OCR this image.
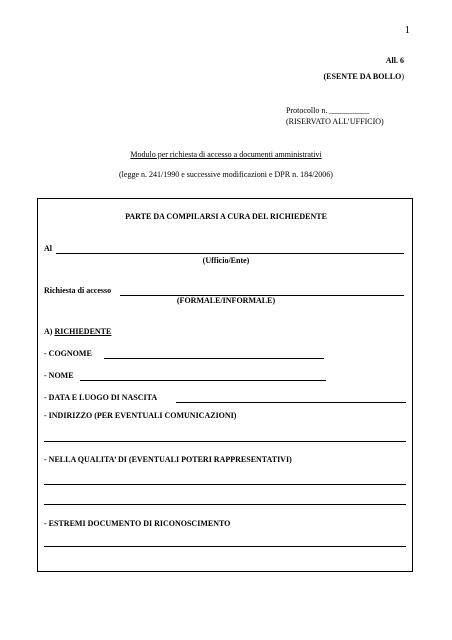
1
All. 6
(ESENTE DA BOLLO)
Protocollo n. __________
(RISERVATO ALL’UFFICIO)
Modulo per richiesta di accesso a documenti amministrativi
(legge n. 241/1990 e successive modificazioni e DPR n. 184/2006)
PARTE DA COMPILARSI A CURA DEL RICHIEDENTE
Al
(Ufficio/Ente)
Richiesta di accesso
(FORMALE/INFORMALE)
A) RICHIEDENTE
- COGNOME
- NOME
- DATA E LUOGO DI NASCITA
- INDIRIZZO (PER EVENTUALI COMUNICAZIONI)
- NELLA QUALITA’ DI (EVENTUALI POTERI RAPPRESENTATIVI)
- ESTREMI DOCUMENTO DI RICONOSCIMENTO
